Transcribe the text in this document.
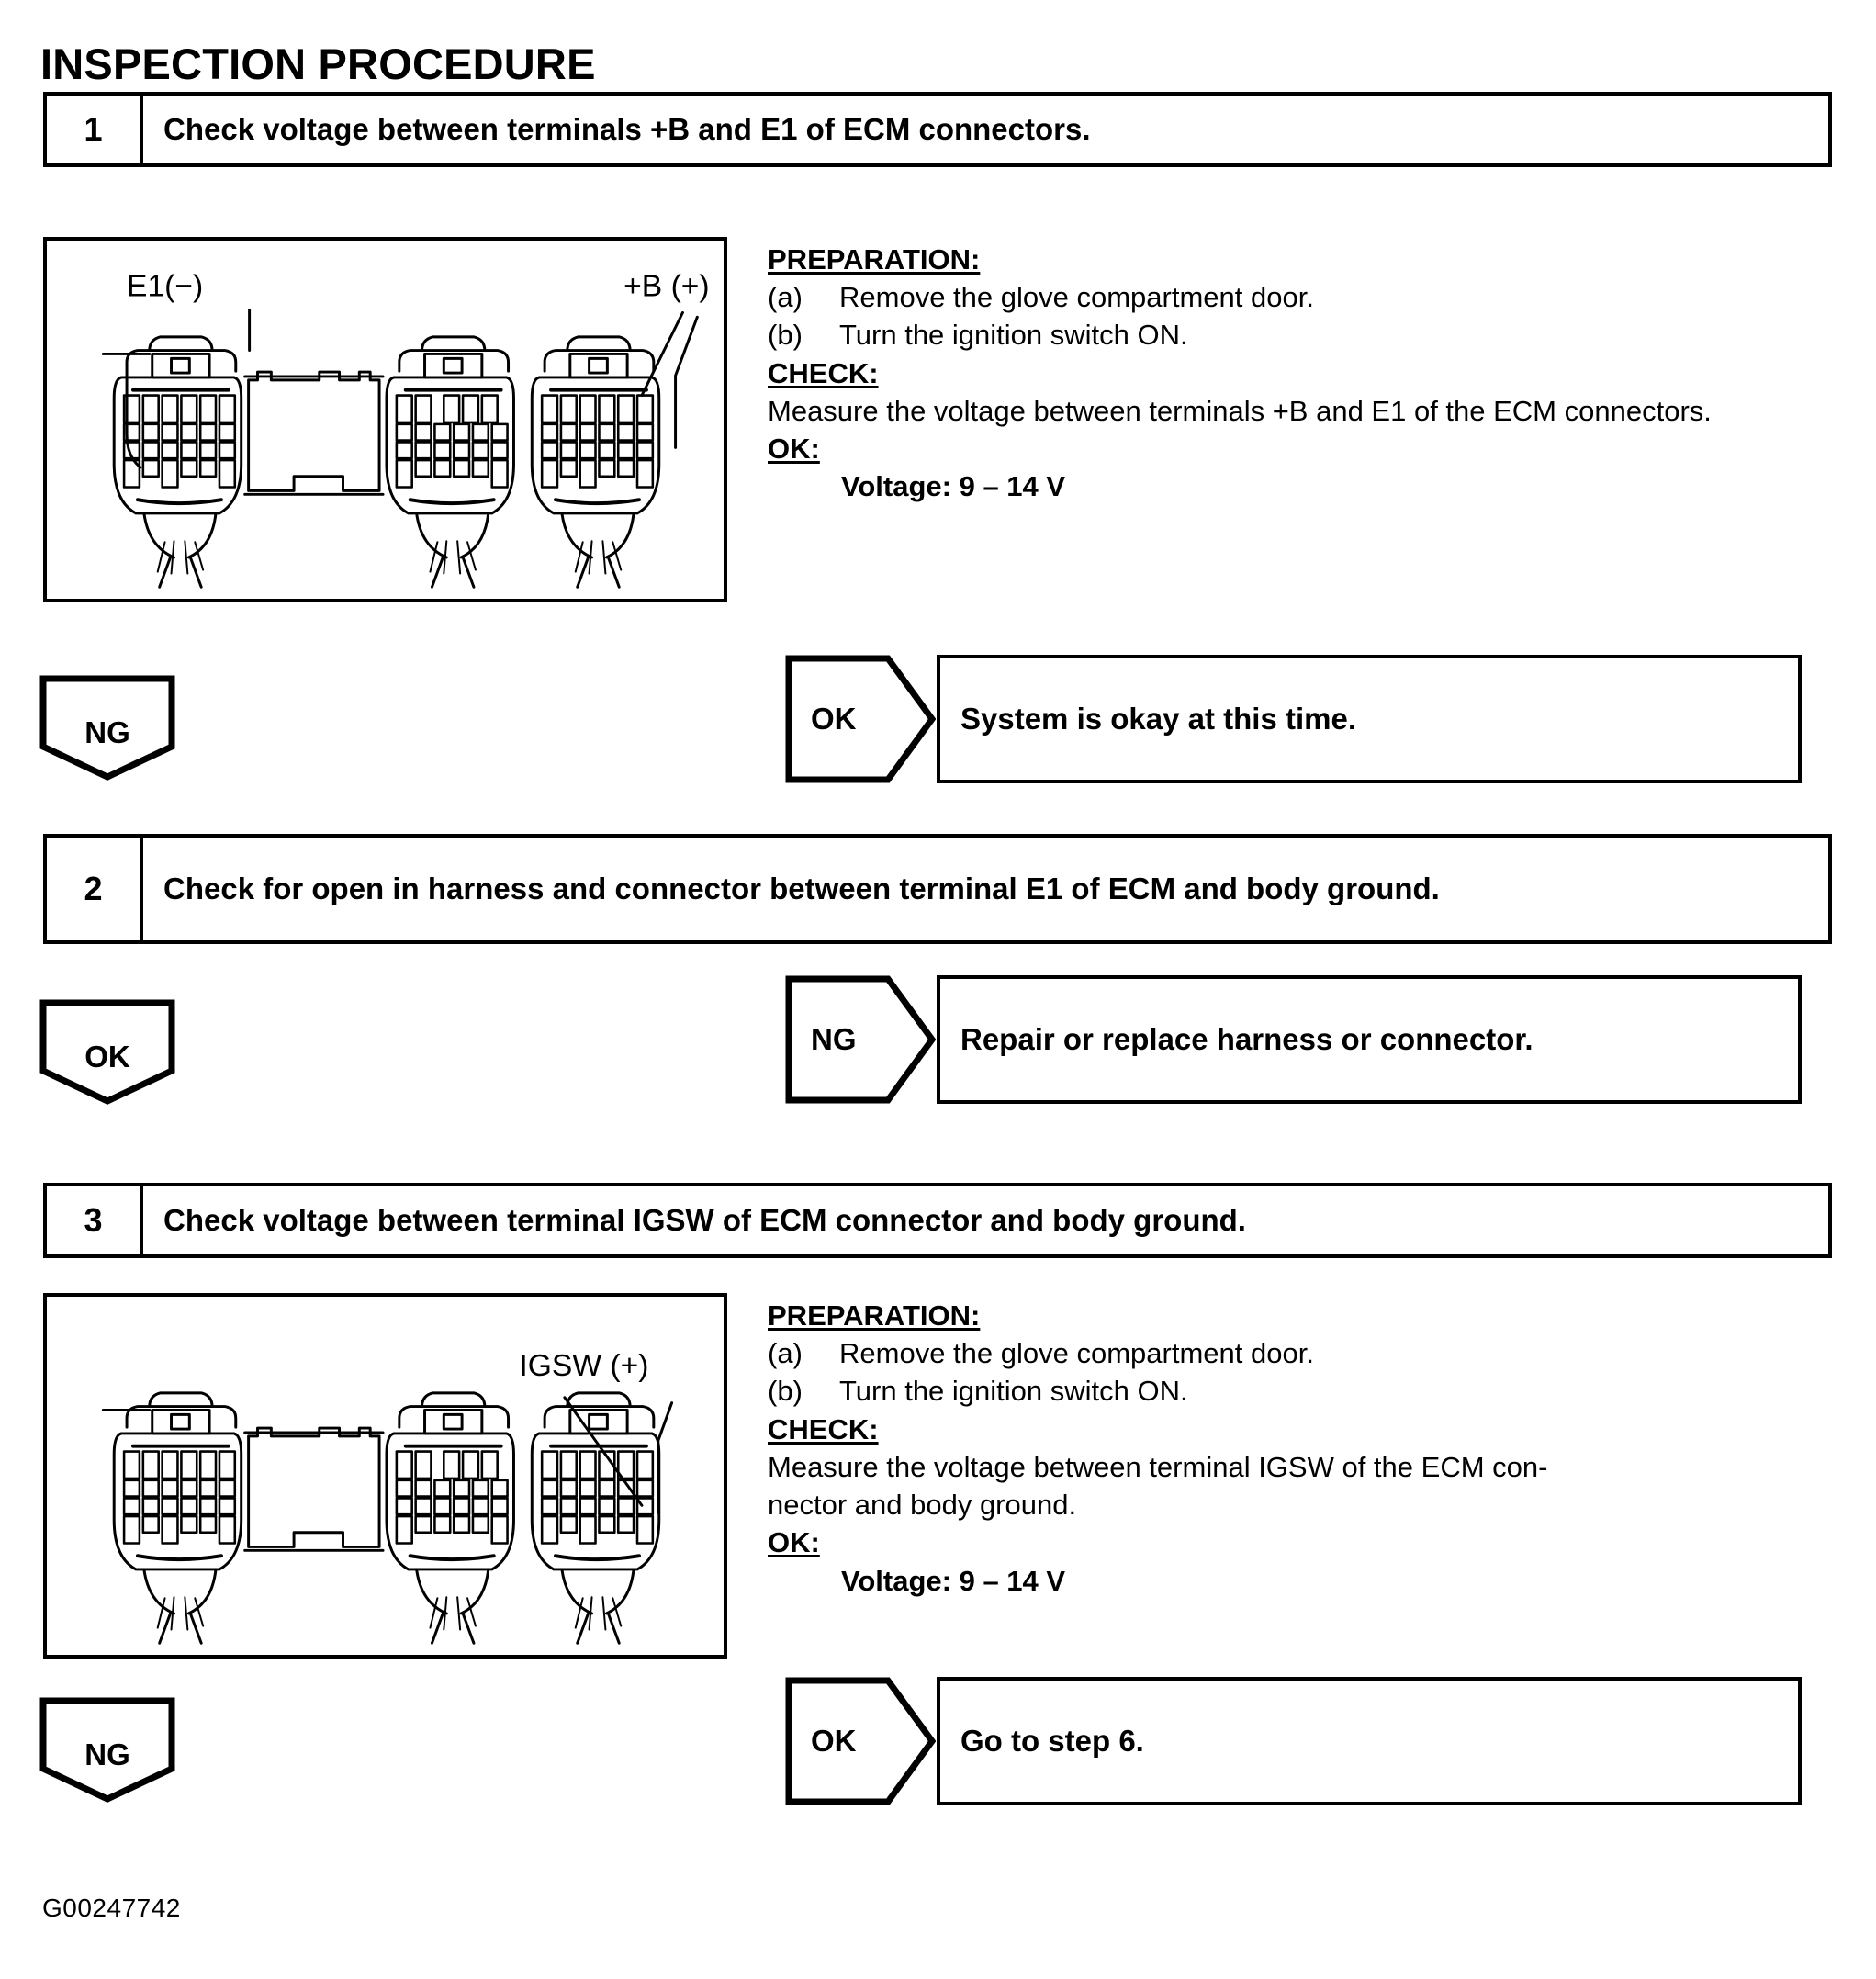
INSPECTION PROCEDURE
1	Check voltage between terminals +B and E1 of ECM connectors.
E1(−)	+B (+)
PREPARATION:
(a)	Remove the glove compartment door.
(b)	Turn the ignition switch ON.
CHECK:

Measure the voltage between terminals +B and E1 of the ECM connectors.

OK:
Voltage: 9 – 14 V
NG	OK	System is okay at this time.
2	Check for open in harness and connector between terminal E1 of ECM and body ground.
OK
NG	Repair or replace harness or connector.
3	Check voltage between terminal IGSW of ECM connector and body ground.
IGSW (+)
PREPARATION:
(a)	Remove the glove compartment door.
(b)	Turn the ignition switch ON.
CHECK:

Measure the voltage between terminal IGSW of the ECM con-

nector and body ground.

OK:
Voltage: 9 – 14 V
NG	OK	Go to step 6.
G00247742
